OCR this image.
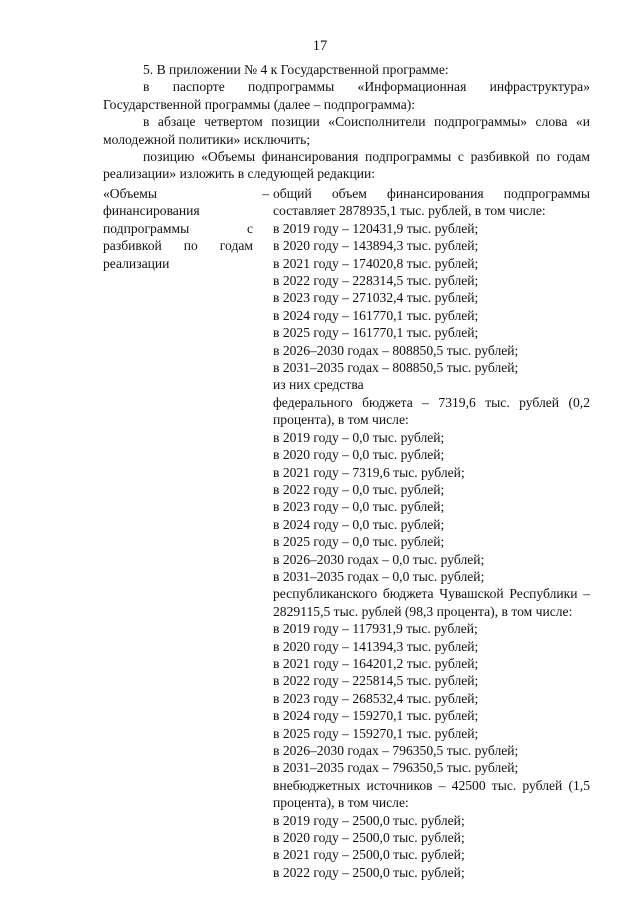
17

5. В приложении № 4 к Государственной программе:

в паспорте подпрограммы «Информационная инфраструктура» Государственной программы (далее – подпрограмма):

в абзаце четвертом позиции «Соисполнители подпрограммы» слова «и молодежной политики» исключить;

позицию «Объемы финансирования подпрограммы с разбивкой по годам реализации» изложить в следующей редакции:

«Объемы финансирования подпрограммы с разбивкой по годам реализации
– общий объем финансирования подпрограммы составляет 2878935,1 тыс. рублей, в том числе:
в 2019 году – 120431,9 тыс. рублей;
в 2020 году – 143894,3 тыс. рублей;
в 2021 году – 174020,8 тыс. рублей;
в 2022 году – 228314,5 тыс. рублей;
в 2023 году – 271032,4 тыс. рублей;
в 2024 году – 161770,1 тыс. рублей;
в 2025 году – 161770,1 тыс. рублей;
в 2026–2030 годах – 808850,5 тыс. рублей;
в 2031–2035 годах – 808850,5 тыс. рублей;
из них средства
федерального бюджета – 7319,6 тыс. рублей (0,2 процента), в том числе:
в 2019 году – 0,0 тыс. рублей;
в 2020 году – 0,0 тыс. рублей;
в 2021 году – 7319,6 тыс. рублей;
в 2022 году – 0,0 тыс. рублей;
в 2023 году – 0,0 тыс. рублей;
в 2024 году – 0,0 тыс. рублей;
в 2025 году – 0,0 тыс. рублей;
в 2026–2030 годах – 0,0 тыс. рублей;
в 2031–2035 годах – 0,0 тыс. рублей;
республиканского бюджета Чувашской Республики – 2829115,5 тыс. рублей (98,3 процента), в том числе:
в 2019 году – 117931,9 тыс. рублей;
в 2020 году – 141394,3 тыс. рублей;
в 2021 году – 164201,2 тыс. рублей;
в 2022 году – 225814,5 тыс. рублей;
в 2023 году – 268532,4 тыс. рублей;
в 2024 году – 159270,1 тыс. рублей;
в 2025 году – 159270,1 тыс. рублей;
в 2026–2030 годах – 796350,5 тыс. рублей;
в 2031–2035 годах – 796350,5 тыс. рублей;
внебюджетных источников – 42500 тыс. рублей (1,5 процента), в том числе:
в 2019 году – 2500,0 тыс. рублей;
в 2020 году – 2500,0 тыс. рублей;
в 2021 году – 2500,0 тыс. рублей;
в 2022 году – 2500,0 тыс. рублей;
